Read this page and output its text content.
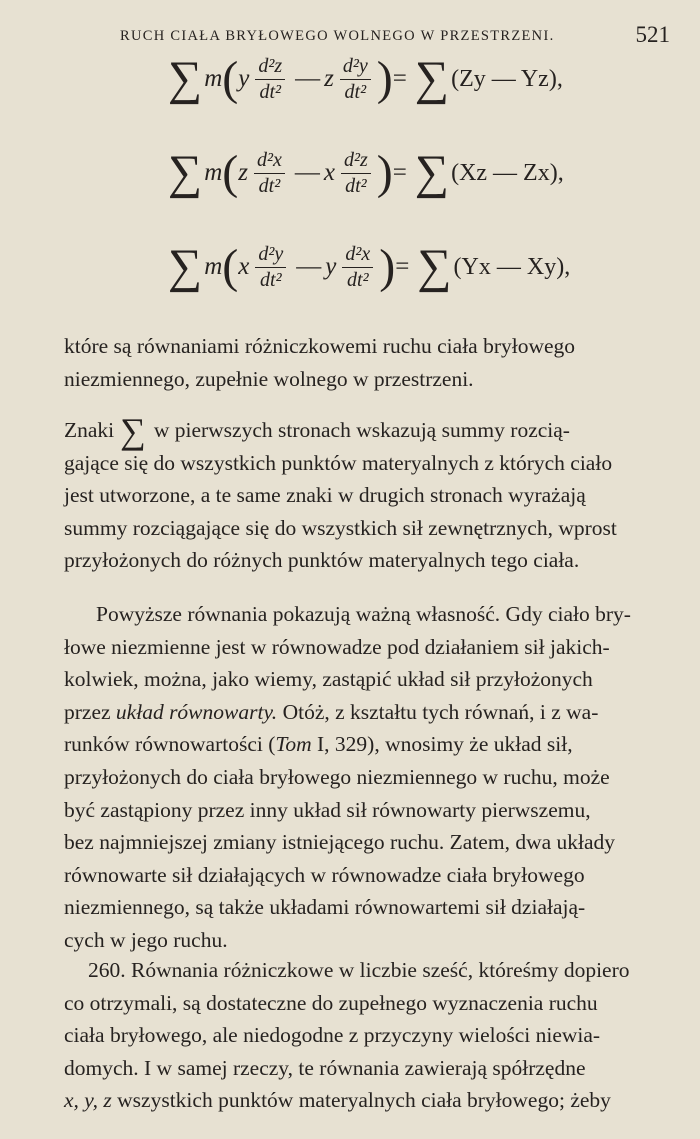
RUCH CIAŁA BRYŁOWEGO WOLNEGO W PRZESTRZENI.	521
∑ m ( y $\frac{\text{d²z}}{\text{dt²}}$ — z $\frac{\text{d²y}}{\text{dt²}}$ ) = ∑ (Zy — Yz),
∑ m ( z $\frac{\text{d²x}}{\text{dt²}}$ — x $\frac{\text{d²z}}{\text{dt²}}$ ) = ∑ (Xz — Zx),
∑ m ( x $\frac{\text{d²y}}{\text{dt²}}$ — y $\frac{\text{d²x}}{\text{dt²}}$ ) = ∑ (Yx — Xy),

które są równaniami różniczkowemi ruchu ciała bryłowego

niezmiennego, zupełnie wolnego w przestrzeni.

Znaki ∑ w pierwszych stronach wskazują summy rozcią-

gające się do wszystkich punktów materyalnych z których ciało

jest utworzone, a te same znaki w drugich stronach wyrażają

summy rozciągające się do wszystkich sił zewnętrznych, wprost

przyłożonych do różnych punktów materyalnych tego ciała.

Powyższe równania pokazują ważną własność. Gdy ciało bry-

łowe niezmienne jest w równowadze pod działaniem sił jakich-

kolwiek, można, jako wiemy, zastąpić układ sił przyłożonych

przez układ równowarty. Otóż, z kształtu tych równań, i z wa-

runków równowartości (Tom I, 329), wnosimy że układ sił,

przyłożonych do ciała bryłowego niezmiennego w ruchu, może

być zastąpiony przez inny układ sił równowarty pierwszemu,

bez najmniejszej zmiany istniejącego ruchu. Zatem, dwa układy

równowarte sił działających w równowadze ciała bryłowego

niezmiennego, są także układami równowartemi sił działają-

cych w jego ruchu.

260. Równania różniczkowe w liczbie sześć, któreśmy dopiero

co otrzymali, są dostateczne do zupełnego wyznaczenia ruchu

ciała bryłowego, ale niedogodne z przyczyny wielości niewia-

domych. I w samej rzeczy, te równania zawierają spółrzędne

x, y, z wszystkich punktów materyalnych ciała bryłowego; żeby
